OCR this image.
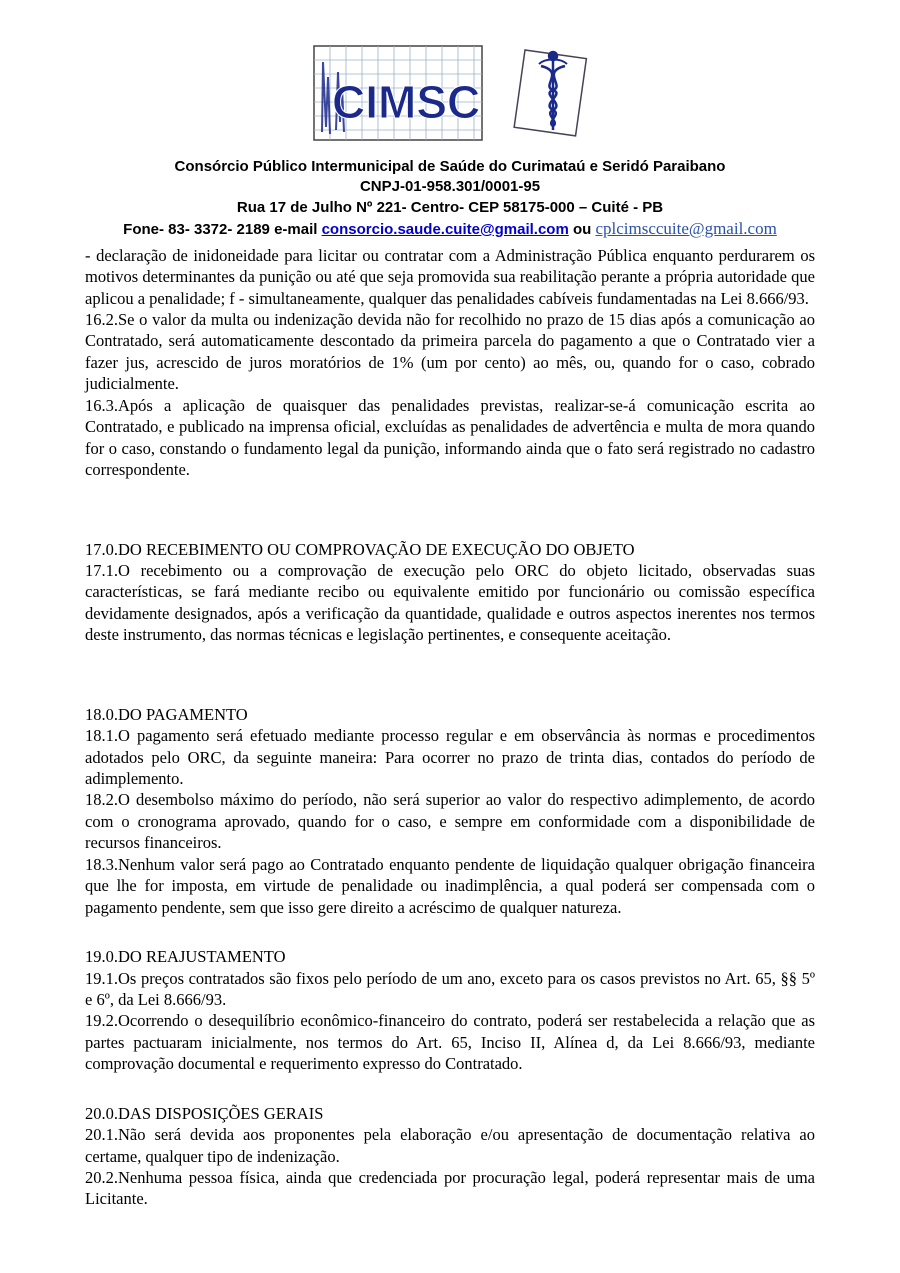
CIMSC
Consórcio Público Intermunicipal de Saúde do Curimataú e Seridó Paraibano
CNPJ-01-958.301/0001-95
Rua 17 de Julho Nº 221- Centro- CEP 58175-000 – Cuité - PB
Fone- 83- 3372- 2189 e-mail consorcio.saude.cuite@gmail.com ou cplcimsccuite@gmail.com

- declaração de inidoneidade para licitar ou contratar com a Administração Pública enquanto perdurarem os motivos determinantes da punição ou até que seja promovida sua reabilitação perante a própria autoridade que aplicou a penalidade; f - simultaneamente, qualquer das penalidades cabíveis fundamentadas na Lei 8.666/93.

16.2.Se o valor da multa ou indenização devida não for recolhido no prazo de 15 dias após a comunicação ao Contratado, será automaticamente descontado da primeira parcela do pagamento a que o Contratado vier a fazer jus, acrescido de juros moratórios de 1% (um por cento) ao mês, ou, quando for o caso, cobrado judicialmente.

16.3.Após a aplicação de quaisquer das penalidades previstas, realizar-se-á comunicação escrita ao Contratado, e publicado na imprensa oficial, excluídas as penalidades de advertência e multa de mora quando for o caso, constando o fundamento legal da punição, informando ainda que o fato será registrado no cadastro correspondente.

17.0.DO RECEBIMENTO OU COMPROVAÇÃO DE EXECUÇÃO DO OBJETO

17.1.O recebimento ou a comprovação de execução pelo ORC do objeto licitado, observadas suas características, se fará mediante recibo ou equivalente emitido por funcionário ou comissão específica devidamente designados, após a verificação da quantidade, qualidade e outros aspectos inerentes nos termos deste instrumento, das normas técnicas e legislação pertinentes, e consequente aceitação.

18.0.DO PAGAMENTO

18.1.O pagamento será efetuado mediante processo regular e em observância às normas e procedimentos adotados pelo ORC, da seguinte maneira: Para ocorrer no prazo de trinta dias, contados do período de adimplemento.

18.2.O desembolso máximo do período, não será superior ao valor do respectivo adimplemento, de acordo com o cronograma aprovado, quando for o caso, e sempre em conformidade com a disponibilidade de recursos financeiros.

18.3.Nenhum valor será pago ao Contratado enquanto pendente de liquidação qualquer obrigação financeira que lhe for imposta, em virtude de penalidade ou inadimplência, a qual poderá ser compensada com o pagamento pendente, sem que isso gere direito a acréscimo de qualquer natureza.

19.0.DO REAJUSTAMENTO

19.1.Os preços contratados são fixos pelo período de um ano, exceto para os casos previstos no Art. 65, §§ 5º e 6º, da Lei 8.666/93.

19.2.Ocorrendo o desequilíbrio econômico-financeiro do contrato, poderá ser restabelecida a relação que as partes pactuaram inicialmente, nos termos do Art. 65, Inciso II, Alínea d, da Lei 8.666/93, mediante comprovação documental e requerimento expresso do Contratado.

20.0.DAS DISPOSIÇÕES GERAIS

20.1.Não será devida aos proponentes pela elaboração e/ou apresentação de documentação relativa ao certame, qualquer tipo de indenização.

20.2.Nenhuma pessoa física, ainda que credenciada por procuração legal, poderá representar mais de uma Licitante.
